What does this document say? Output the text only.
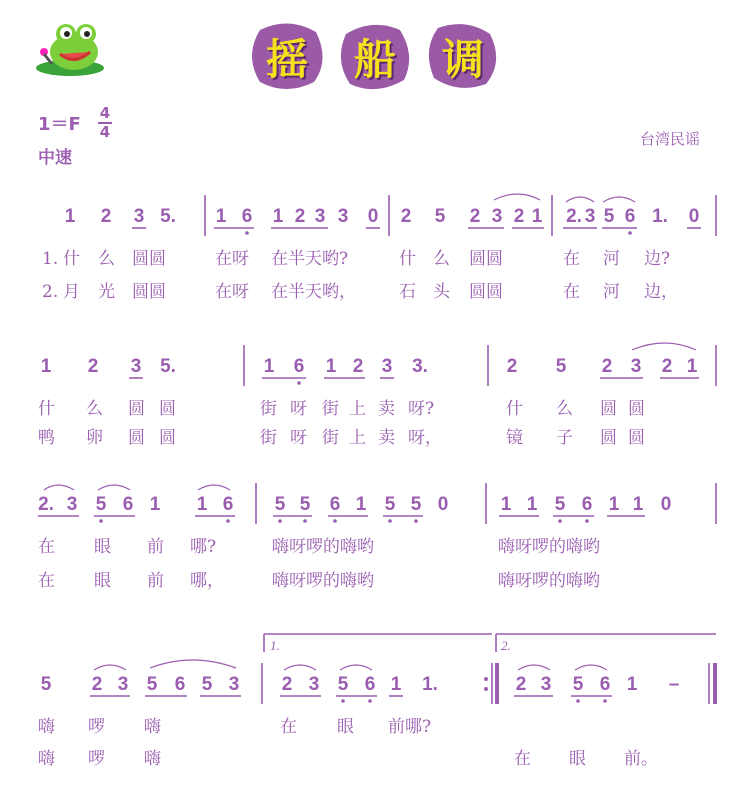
摇	船	调
1＝F
4
4
中速
台湾民谣
1 2 3 5. 1 6 1 2 3 3 0 2 5 2 3 2 1 2. 3 5 6 1. 0
1. 什 么 圆圆	在呀 在半天哟?	什 么 圆圆	在 河 边?
2. 月 光 圆圆	在呀 在半天哟，	石 头 圆圆	在 河 边，
1 2 3 5.	1 6 1 2 3 3.	2 5 2 3 2 1
什 么 圆 圆	街 呀 街 上 卖 呀?	什 么 圆 圆
鸭 卵 圆 圆	街 呀 街 上 卖 呀，	镜 子 圆 圆
2. 3 5 6 1 1 6 5 5 6 1 5 5 0	1 1 5 6 1 1 0
在 眼 前 哪?	嗨呀啰的嗨哟	嗨呀啰的嗨哟
在 眼 前 哪，	嗨呀啰的嗨哟	嗨呀啰的嗨哟
1.	2.
5 2 3 5 6 5 3 2 3 5 6 1 1.	2 3 5 6 1 –
嗨 啰 嗨	在 眼 前哪?
嗨 啰 嗨	在 眼 前。
